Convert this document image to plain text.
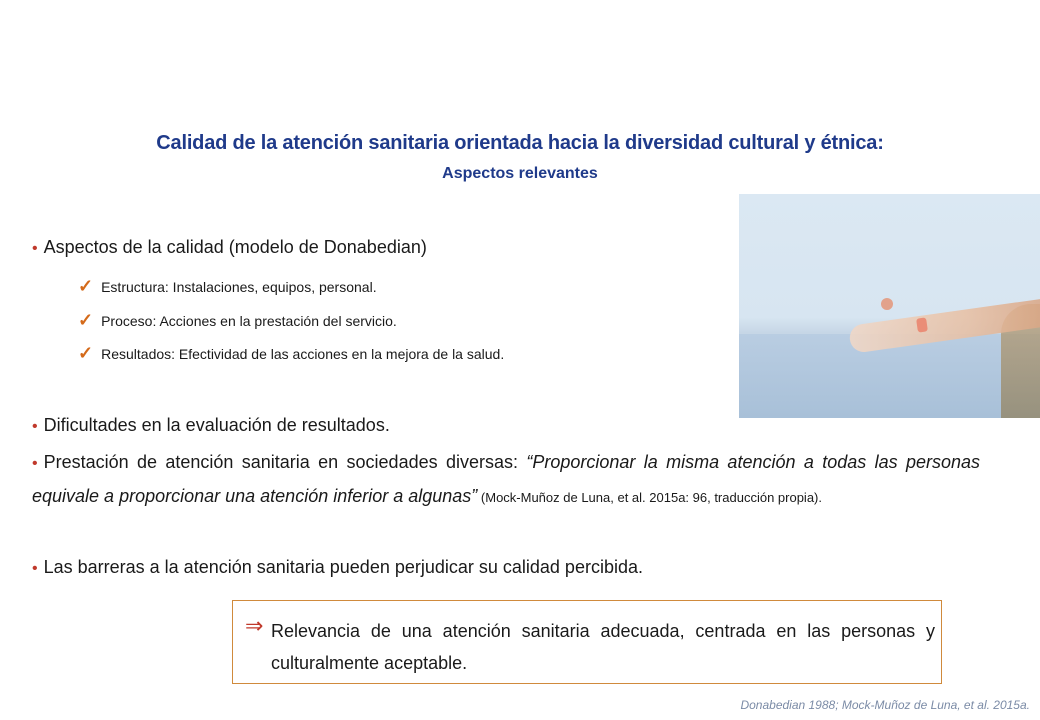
Calidad de la atención sanitaria orientada hacia la diversidad cultural y étnica:
Aspectos relevantes
• Aspectos de la calidad (modelo de Donabedian)
✓ Estructura: Instalaciones, equipos, personal.
✓ Proceso: Acciones en la prestación del servicio.
✓ Resultados: Efectividad de las acciones en la mejora de la salud.
• Dificultades en la evaluación de resultados.
• Prestación de atención sanitaria en sociedades diversas: “Proporcionar la misma atención a todas las personas equivale a proporcionar una atención inferior a algunas” (Mock-Muñoz de Luna, et al. 2015a: 96, traducción propia).
• Las barreras a la atención sanitaria pueden perjudicar su calidad percibida.
⇒ Relevancia de una atención sanitaria adecuada, centrada en las personas y culturalmente aceptable.
Donabedian 1988; Mock-Muñoz de Luna, et al. 2015a.
